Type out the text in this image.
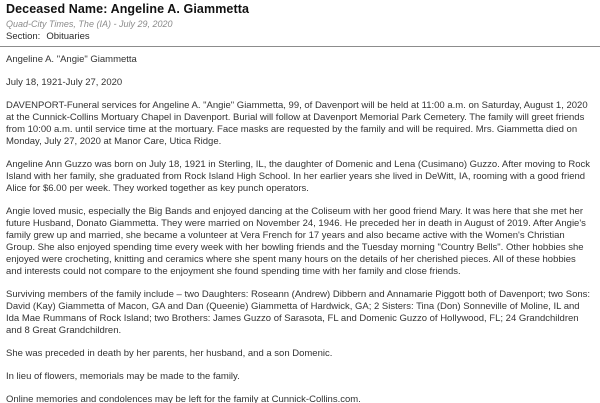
Deceased Name: Angeline A. Giammetta
Quad-City Times, The (IA) - July 29, 2020
Section: Obituaries

Angeline A. "Angie" Giammetta

July 18, 1921-July 27, 2020

DAVENPORT-Funeral services for Angeline A. "Angie" Giammetta, 99, of Davenport will be held at 11:00 a.m. on Saturday, August 1, 2020 at the Cunnick-Collins Mortuary Chapel in Davenport. Burial will follow at Davenport Memorial Park Cemetery. The family will greet friends from 10:00 a.m. until service time at the mortuary. Face masks are requested by the family and will be required. Mrs. Giammetta died on Monday, July 27, 2020 at Manor Care, Utica Ridge.

Angeline Ann Guzzo was born on July 18, 1921 in Sterling, IL, the daughter of Domenic and Lena (Cusimano) Guzzo. After moving to Rock Island with her family, she graduated from Rock Island High School. In her earlier years she lived in DeWitt, IA, rooming with a good friend Alice for $6.00 per week. They worked together as key punch operators.

Angie loved music, especially the Big Bands and enjoyed dancing at the Coliseum with her good friend Mary. It was here that she met her future Husband, Donato Giammetta. They were married on November 24, 1946. He preceded her in death in August of 2019. After Angie's family grew up and married, she became a volunteer at Vera French for 17 years and also became active with the Women's Christian Group. She also enjoyed spending time every week with her bowling friends and the Tuesday morning "Country Bells". Other hobbies she enjoyed were crocheting, knitting and ceramics where she spent many hours on the details of her cherished pieces. All of these hobbies and interests could not compare to the enjoyment she found spending time with her family and close friends.

Surviving members of the family include – two Daughters: Roseann (Andrew) Dibbern and Annamarie Piggott both of Davenport; two Sons: David (Kay) Giammetta of Macon, GA and Dan (Queenie) Giammetta of Hardwick, GA; 2 Sisters: Tina (Don) Sonneville of Moline, IL and Ida Mae Rummans of Rock Island; two Brothers: James Guzzo of Sarasota, FL and Domenic Guzzo of Hollywood, FL; 24 Grandchildren and 8 Great Grandchildren.

She was preceded in death by her parents, her husband, and a son Domenic.

In lieu of flowers, memorials may be made to the family.

Online memories and condolences may be left for the family at Cunnick-Collins.com.
